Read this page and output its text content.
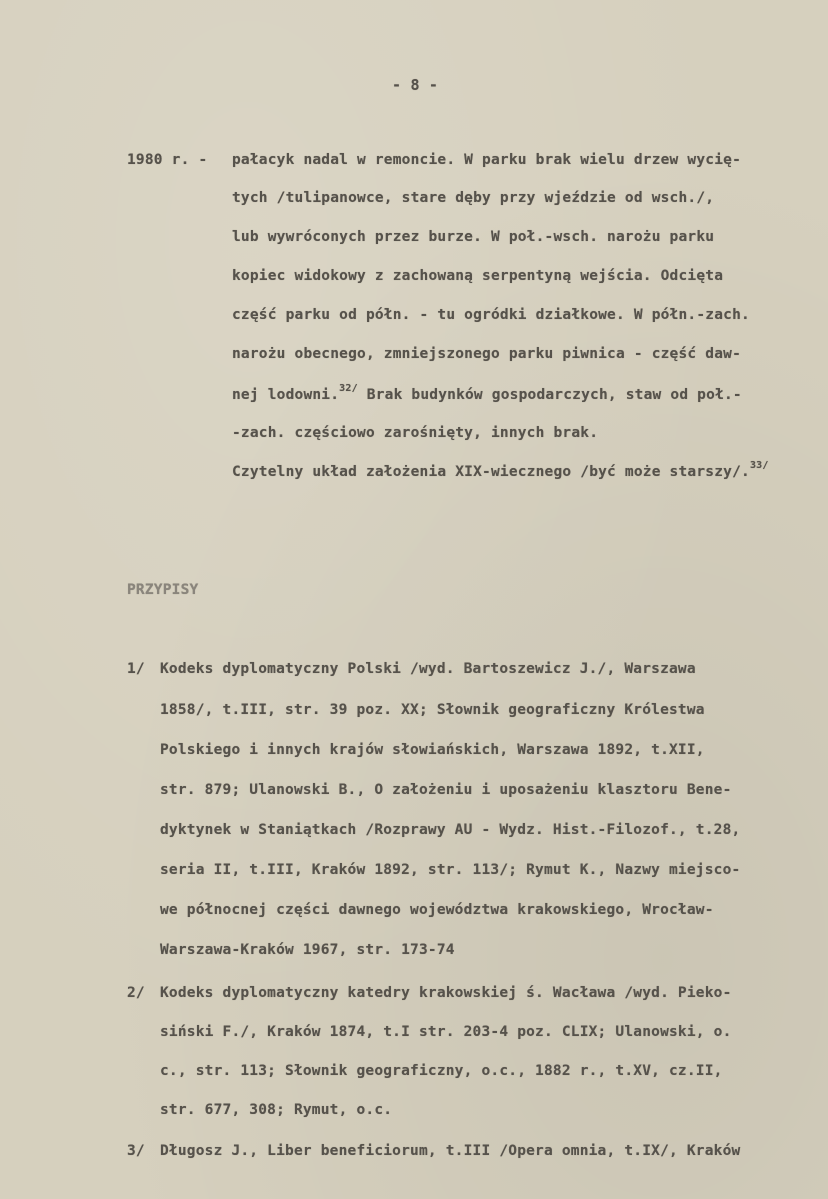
- 8 -
1980 r. - pałacyk nadal w remoncie. W parku brak wielu drzew wycię-
tych /tulipanowce, stare dęby przy wjeździe od wsch./,
lub wywróconych przez burze. W poł.-wsch. narożu parku
kopiec widokowy z zachowaną serpentyną wejścia. Odcięta
część parku od półn. - tu ogródki działkowe. W półn.-zach.
narożu obecnego, zmniejszonego parku piwnica - część daw-
nej lodowni.$^{32/}$ Brak budynków gospodarczych, staw od poł.-
-zach. częściowo zarośnięty, innych brak.
Czytelny układ założenia XIX-wiecznego /być może starszy/.$^{33/}$
PRZYPISY
1/ Kodeks dyplomatyczny Polski /wyd. Bartoszewicz J./, Warszawa
1858/, t.III, str. 39 poz. XX; Słownik geograficzny Królestwa
Polskiego i innych krajów słowiańskich, Warszawa 1892, t.XII,
str. 879; Ulanowski B., O założeniu i uposażeniu klasztoru Bene-
dyktynek w Staniątkach /Rozprawy AU - Wydz. Hist.-Filozof., t.28,
seria II, t.III, Kraków 1892, str. 113/; Rymut K., Nazwy miejsco-
we północnej części dawnego województwa krakowskiego, Wrocław-
Warszawa-Kraków 1967, str. 173-74
2/ Kodeks dyplomatyczny katedry krakowskiej ś. Wacława /wyd. Pieko-
siński F./, Kraków 1874, t.I str. 203-4 poz. CLIX; Ulanowski, o.
c., str. 113; Słownik geograficzny, o.c., 1882 r., t.XV, cz.II,
str. 677, 308; Rymut, o.c.
3/ Długosz J., Liber beneficiorum, t.III /Opera omnia, t.IX/, Kraków
